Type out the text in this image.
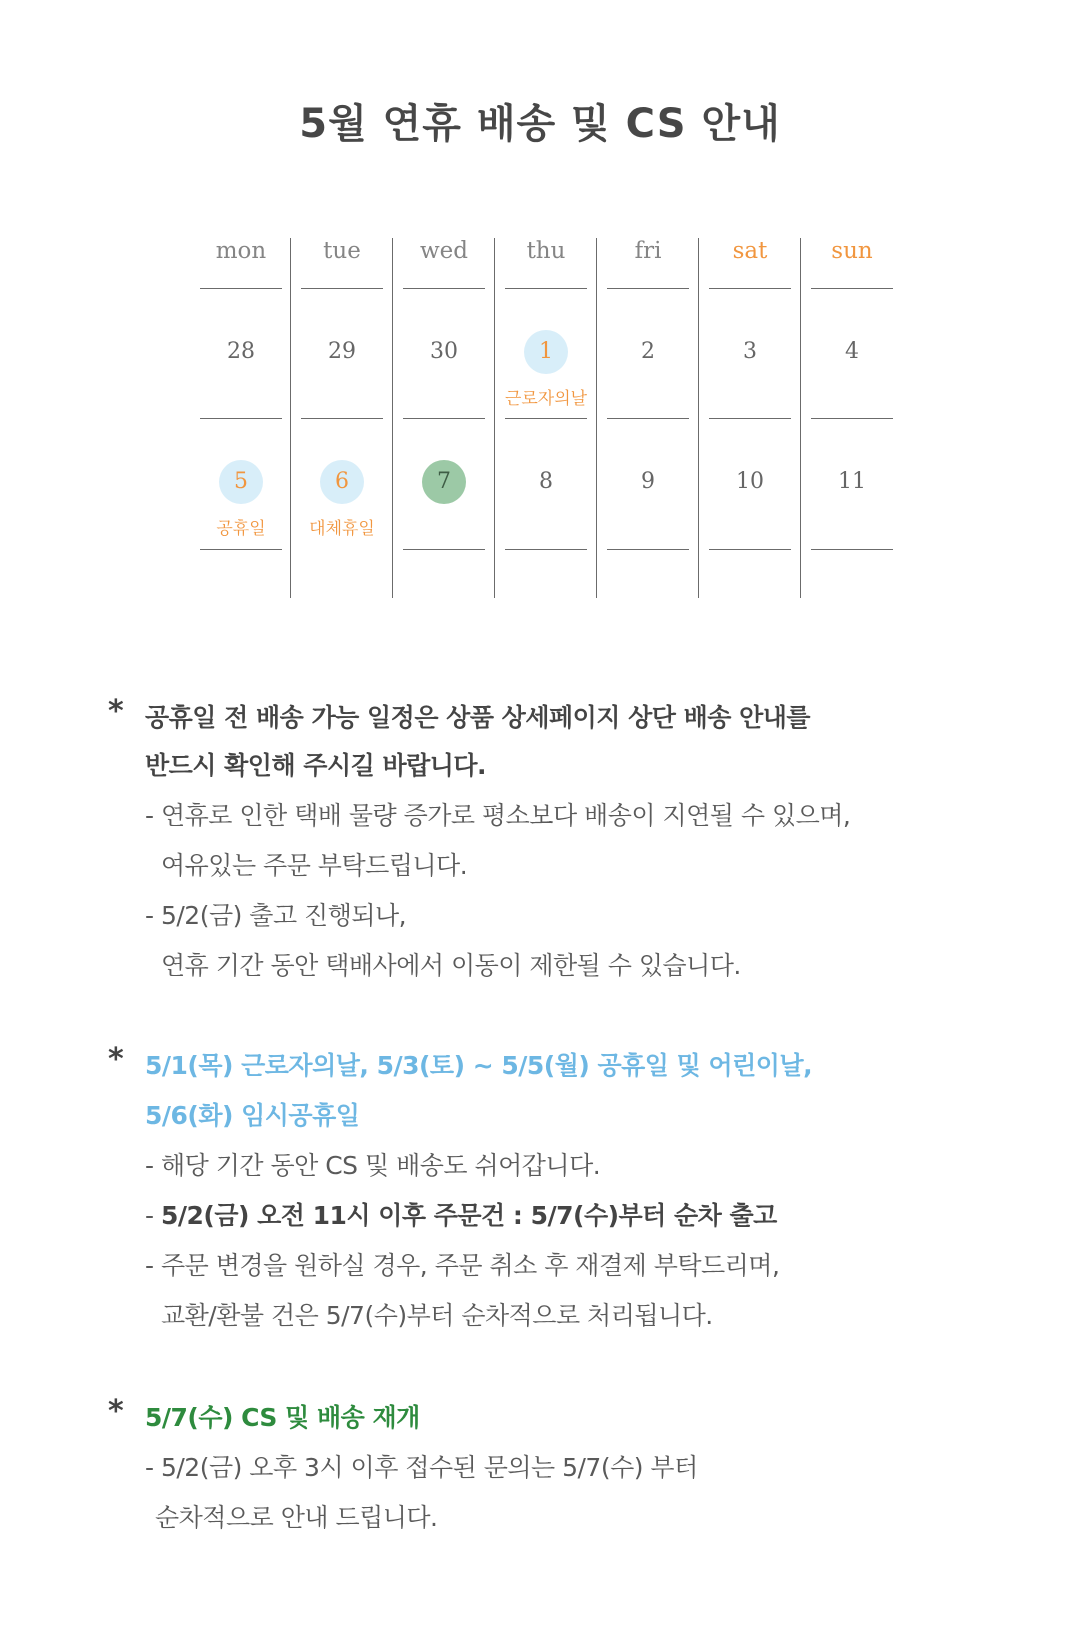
5월 연휴 배송 및 CS 안내
mon
28
5
공휴일
tue
29
6
대체휴일
wed
30
7
thu
1
근로자의날
8
fri
2
9
sat
3
10
sun
4
11
* 공휴일 전 배송 가능 일정은 상품 상세페이지 상단 배송 안내를
반드시 확인해 주시길 바랍니다.
- 연휴로 인한 택배 물량 증가로 평소보다 배송이 지연될 수 있으며,
여유있는 주문 부탁드립니다.
- 5/2(금) 출고 진행되나,
연휴 기간 동안 택배사에서 이동이 제한될 수 있습니다.
* 5/1(목) 근로자의날, 5/3(토) ~ 5/5(월) 공휴일 및 어린이날,
5/6(화) 임시공휴일
- 해당 기간 동안 CS 및 배송도 쉬어갑니다.
- 5/2(금) 오전 11시 이후 주문건 : 5/7(수)부터 순차 출고
- 주문 변경을 원하실 경우, 주문 취소 후 재결제 부탁드리며,
교환/환불 건은 5/7(수)부터 순차적으로 처리됩니다.
* 5/7(수) CS 및 배송 재개
- 5/2(금) 오후 3시 이후 접수된 문의는 5/7(수) 부터
순차적으로 안내 드립니다.
